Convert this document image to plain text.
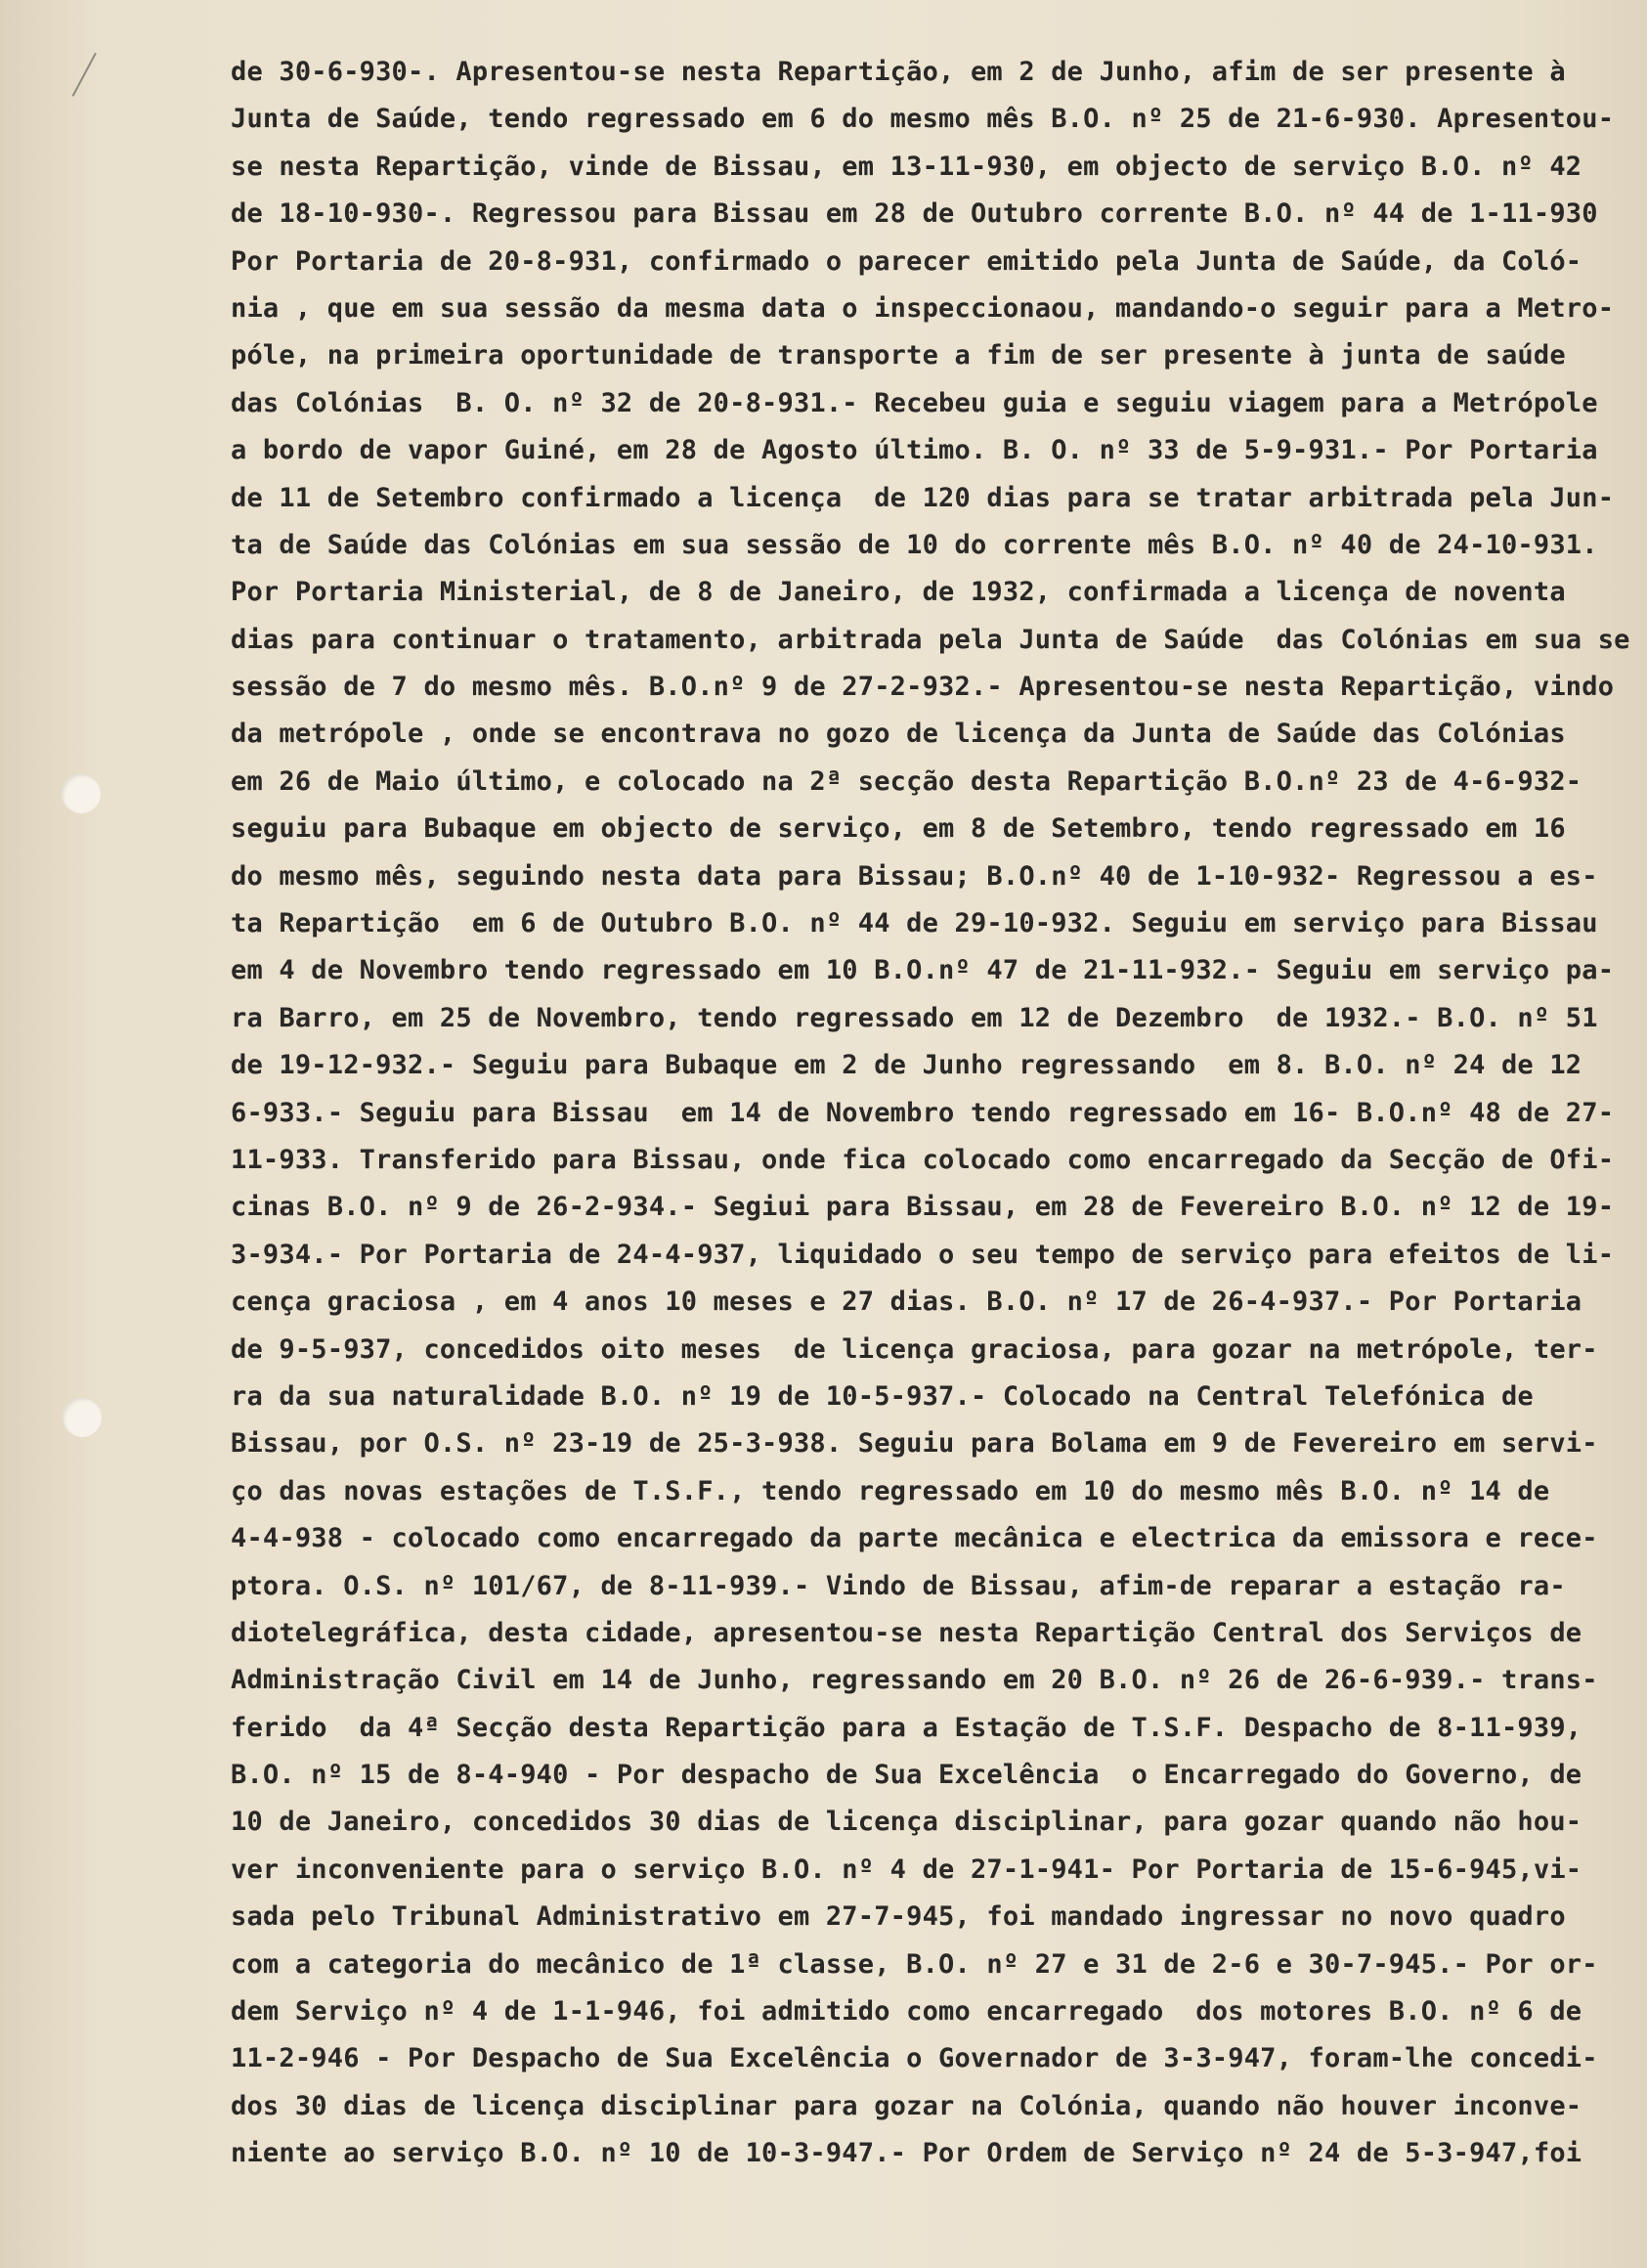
de 30-6-930-. Apresentou-se nesta Repartição, em 2 de Junho, afim de ser presente à
Junta de Saúde, tendo regressado em 6 do mesmo mês B.O. nº 25 de 21-6-930. Apresentou-
se nesta Repartição, vinde de Bissau, em 13-11-930, em objecto de serviço B.O. nº 42
de 18-10-930-. Regressou para Bissau em 28 de Outubro corrente B.O. nº 44 de 1-11-930
Por Portaria de 20-8-931, confirmado o parecer emitido pela Junta de Saúde, da Coló-
nia , que em sua sessão da mesma data o inspeccionaou, mandando-o seguir para a Metro-
póle, na primeira oportunidade de transporte a fim de ser presente à junta de saúde
das Colónias  B. O. nº 32 de 20-8-931.- Recebeu guia e seguiu viagem para a Metrópole
a bordo de vapor Guiné, em 28 de Agosto último. B. O. nº 33 de 5-9-931.- Por Portaria
de 11 de Setembro confirmado a licença  de 120 dias para se tratar arbitrada pela Jun-
ta de Saúde das Colónias em sua sessão de 10 do corrente mês B.O. nº 40 de 24-10-931.
Por Portaria Ministerial, de 8 de Janeiro, de 1932, confirmada a licença de noventa
dias para continuar o tratamento, arbitrada pela Junta de Saúde  das Colónias em sua se
sessão de 7 do mesmo mês. B.O.nº 9 de 27-2-932.- Apresentou-se nesta Repartição, vindo
da metrópole , onde se encontrava no gozo de licença da Junta de Saúde das Colónias
em 26 de Maio último, e colocado na 2ª secção desta Repartição B.O.nº 23 de 4-6-932-
seguiu para Bubaque em objecto de serviço, em 8 de Setembro, tendo regressado em 16
do mesmo mês, seguindo nesta data para Bissau; B.O.nº 40 de 1-10-932- Regressou a es-
ta Repartição  em 6 de Outubro B.O. nº 44 de 29-10-932. Seguiu em serviço para Bissau
em 4 de Novembro tendo regressado em 10 B.O.nº 47 de 21-11-932.- Seguiu em serviço pa-
ra Barro, em 25 de Novembro, tendo regressado em 12 de Dezembro  de 1932.- B.O. nº 51
de 19-12-932.- Seguiu para Bubaque em 2 de Junho regressando  em 8. B.O. nº 24 de 12
6-933.- Seguiu para Bissau  em 14 de Novembro tendo regressado em 16- B.O.nº 48 de 27-
11-933. Transferido para Bissau, onde fica colocado como encarregado da Secção de Ofi-
cinas B.O. nº 9 de 26-2-934.- Segiui para Bissau, em 28 de Fevereiro B.O. nº 12 de 19-
3-934.- Por Portaria de 24-4-937, liquidado o seu tempo de serviço para efeitos de li-
cença graciosa , em 4 anos 10 meses e 27 dias. B.O. nº 17 de 26-4-937.- Por Portaria
de 9-5-937, concedidos oito meses  de licença graciosa, para gozar na metrópole, ter-
ra da sua naturalidade B.O. nº 19 de 10-5-937.- Colocado na Central Telefónica de
Bissau, por O.S. nº 23-19 de 25-3-938. Seguiu para Bolama em 9 de Fevereiro em servi-
ço das novas estações de T.S.F., tendo regressado em 10 do mesmo mês B.O. nº 14 de
4-4-938 - colocado como encarregado da parte mecânica e electrica da emissora e rece-
ptora. O.S. nº 101/67, de 8-11-939.- Vindo de Bissau, afim-de reparar a estação ra-
diotelegráfica, desta cidade, apresentou-se nesta Repartição Central dos Serviços de
Administração Civil em 14 de Junho, regressando em 20 B.O. nº 26 de 26-6-939.- trans-
ferido  da 4ª Secção desta Repartição para a Estação de T.S.F. Despacho de 8-11-939,
B.O. nº 15 de 8-4-940 - Por despacho de Sua Excelência  o Encarregado do Governo, de
10 de Janeiro, concedidos 30 dias de licença disciplinar, para gozar quando não hou-
ver inconveniente para o serviço B.O. nº 4 de 27-1-941- Por Portaria de 15-6-945,vi-
sada pelo Tribunal Administrativo em 27-7-945, foi mandado ingressar no novo quadro
com a categoria do mecânico de 1ª classe, B.O. nº 27 e 31 de 2-6 e 30-7-945.- Por or-
dem Serviço nº 4 de 1-1-946, foi admitido como encarregado  dos motores B.O. nº 6 de
11-2-946 - Por Despacho de Sua Excelência o Governador de 3-3-947, foram-lhe concedi-
dos 30 dias de licença disciplinar para gozar na Colónia, quando não houver inconve-
niente ao serviço B.O. nº 10 de 10-3-947.- Por Ordem de Serviço nº 24 de 5-3-947,foi
